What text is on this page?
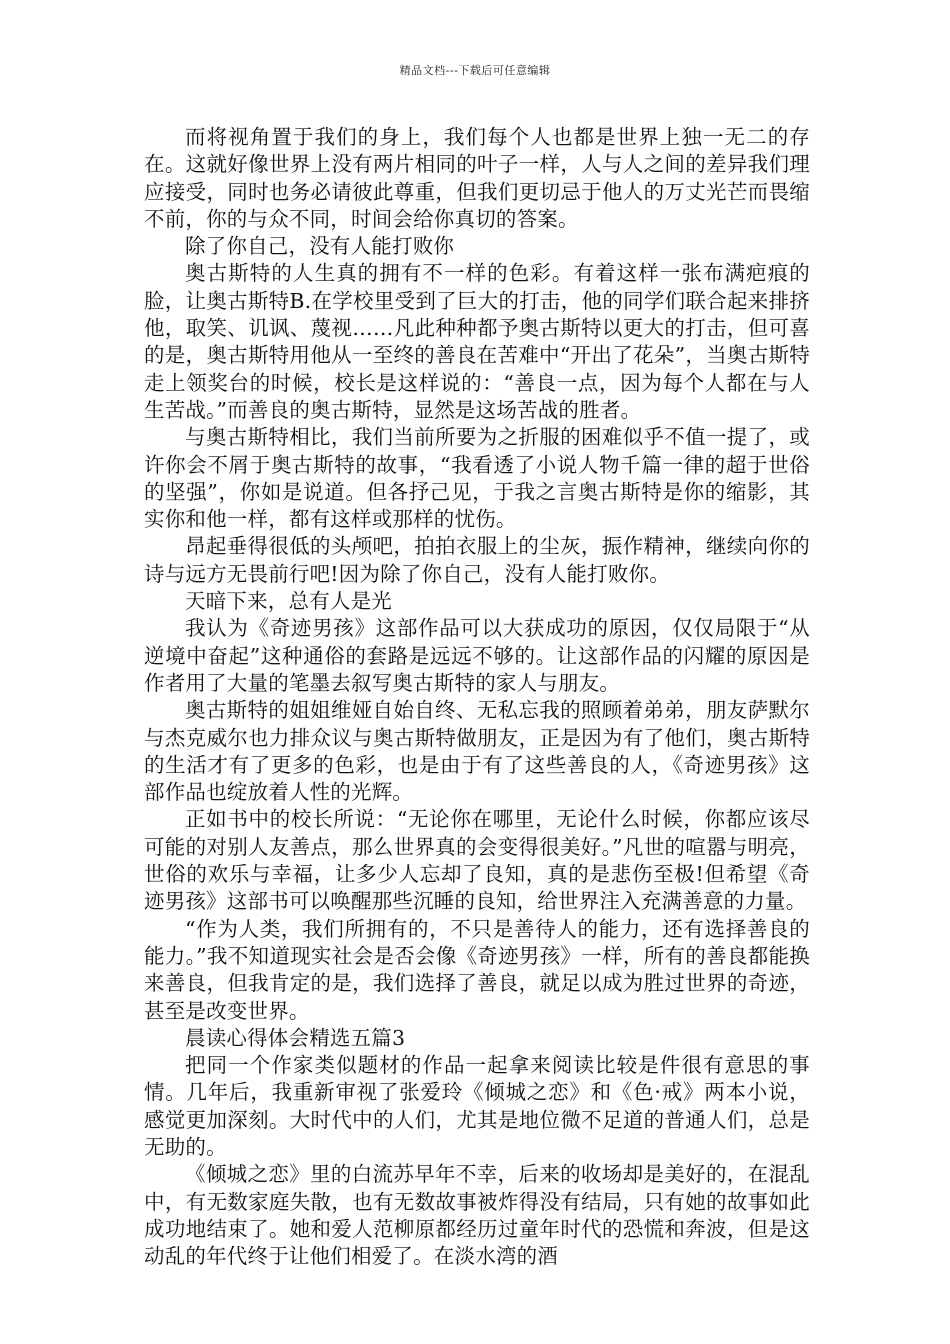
精品文档---下载后可任意编辑

而将视角置于我们的身上，我们每个人也都是世界上独一无二的存在。这就好像世界上没有两片相同的叶子一样，人与人之间的差异我们理应接受，同时也务必请彼此尊重，但我们更切忌于他人的万丈光芒而畏缩不前，你的与众不同，时间会给你真切的答案。

除了你自己，没有人能打败你

奥古斯特的人生真的拥有不一样的色彩。有着这样一张布满疤痕的脸，让奥古斯特B.在学校里受到了巨大的打击，他的同学们联合起来排挤他，取笑、讥讽、蔑视……凡此种种都予奥古斯特以更大的打击，但可喜的是，奥古斯特用他从一至终的善良在苦难中“开出了花朵”，当奥古斯特走上领奖台的时候，校长是这样说的：“善良一点，因为每个人都在与人生苦战。”而善良的奥古斯特，显然是这场苦战的胜者。

与奥古斯特相比，我们当前所要为之折服的困难似乎不值一提了，或许你会不屑于奥古斯特的故事，“我看透了小说人物千篇一律的超于世俗的坚强”，你如是说道。但各抒己见，于我之言奥古斯特是你的缩影，其实你和他一样，都有这样或那样的忧伤。

昂起垂得很低的头颅吧，拍拍衣服上的尘灰，振作精神，继续向你的诗与远方无畏前行吧!因为除了你自己，没有人能打败你。

天暗下来，总有人是光

我认为《奇迹男孩》这部作品可以大获成功的原因，仅仅局限于“从逆境中奋起”这种通俗的套路是远远不够的。让这部作品的闪耀的原因是作者用了大量的笔墨去叙写奥古斯特的家人与朋友。

奥古斯特的姐姐维娅自始自终、无私忘我的照顾着弟弟，朋友萨默尔与杰克威尔也力排众议与奥古斯特做朋友，正是因为有了他们，奥古斯特的生活才有了更多的色彩，也是由于有了这些善良的人，《奇迹男孩》这部作品也绽放着人性的光辉。

正如书中的校长所说：“无论你在哪里，无论什么时候，你都应该尽可能的对别人友善点，那么世界真的会变得很美好。”凡世的喧嚣与明亮，世俗的欢乐与幸福，让多少人忘却了良知，真的是悲伤至极!但希望《奇迹男孩》这部书可以唤醒那些沉睡的良知，给世界注入充满善意的力量。

“作为人类，我们所拥有的，不只是善待人的能力，还有选择善良的能力。”我不知道现实社会是否会像《奇迹男孩》一样，所有的善良都能换来善良，但我肯定的是，我们选择了善良，就足以成为胜过世界的奇迹，甚至是改变世界。

晨读心得体会精选五篇3

把同一个作家类似题材的作品一起拿来阅读比较是件很有意思的事情。几年后，我重新审视了张爱玲《倾城之恋》和《色·戒》两本小说，感觉更加深刻。大时代中的人们，尤其是地位微不足道的普通人们，总是无助的。

《倾城之恋》里的白流苏早年不幸，后来的收场却是美好的，在混乱中，有无数家庭失散，也有无数故事被炸得没有结局，只有她的故事如此成功地结束了。她和爱人范柳原都经历过童年时代的恐慌和奔波，但是这动乱的年代终于让他们相爱了。在淡水湾的酒
